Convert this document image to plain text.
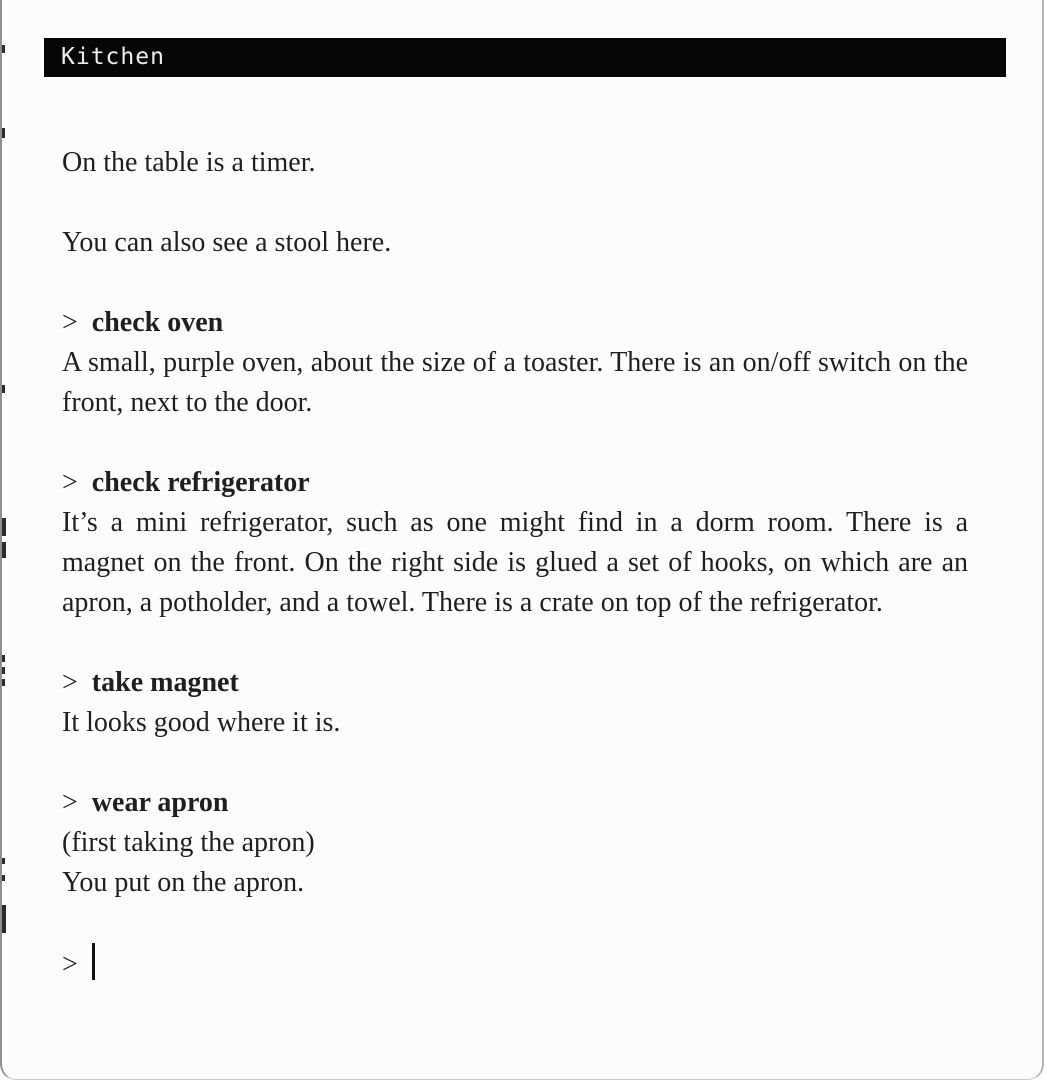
Kitchen
On the table is a timer.
You can also see a stool here.
> check oven
A small, purple oven, about the size of a toaster. There is an on/off switch on the front, next to the door.
> check refrigerator
It’s a mini refrigerator, such as one might find in a dorm room. There is a magnet on the front. On the right side is glued a set of hooks, on which are an apron, a potholder, and a towel. There is a crate on top of the refrigerator.
> take magnet
It looks good where it is.
> wear apron
(first taking the apron)
You put on the apron.
>
